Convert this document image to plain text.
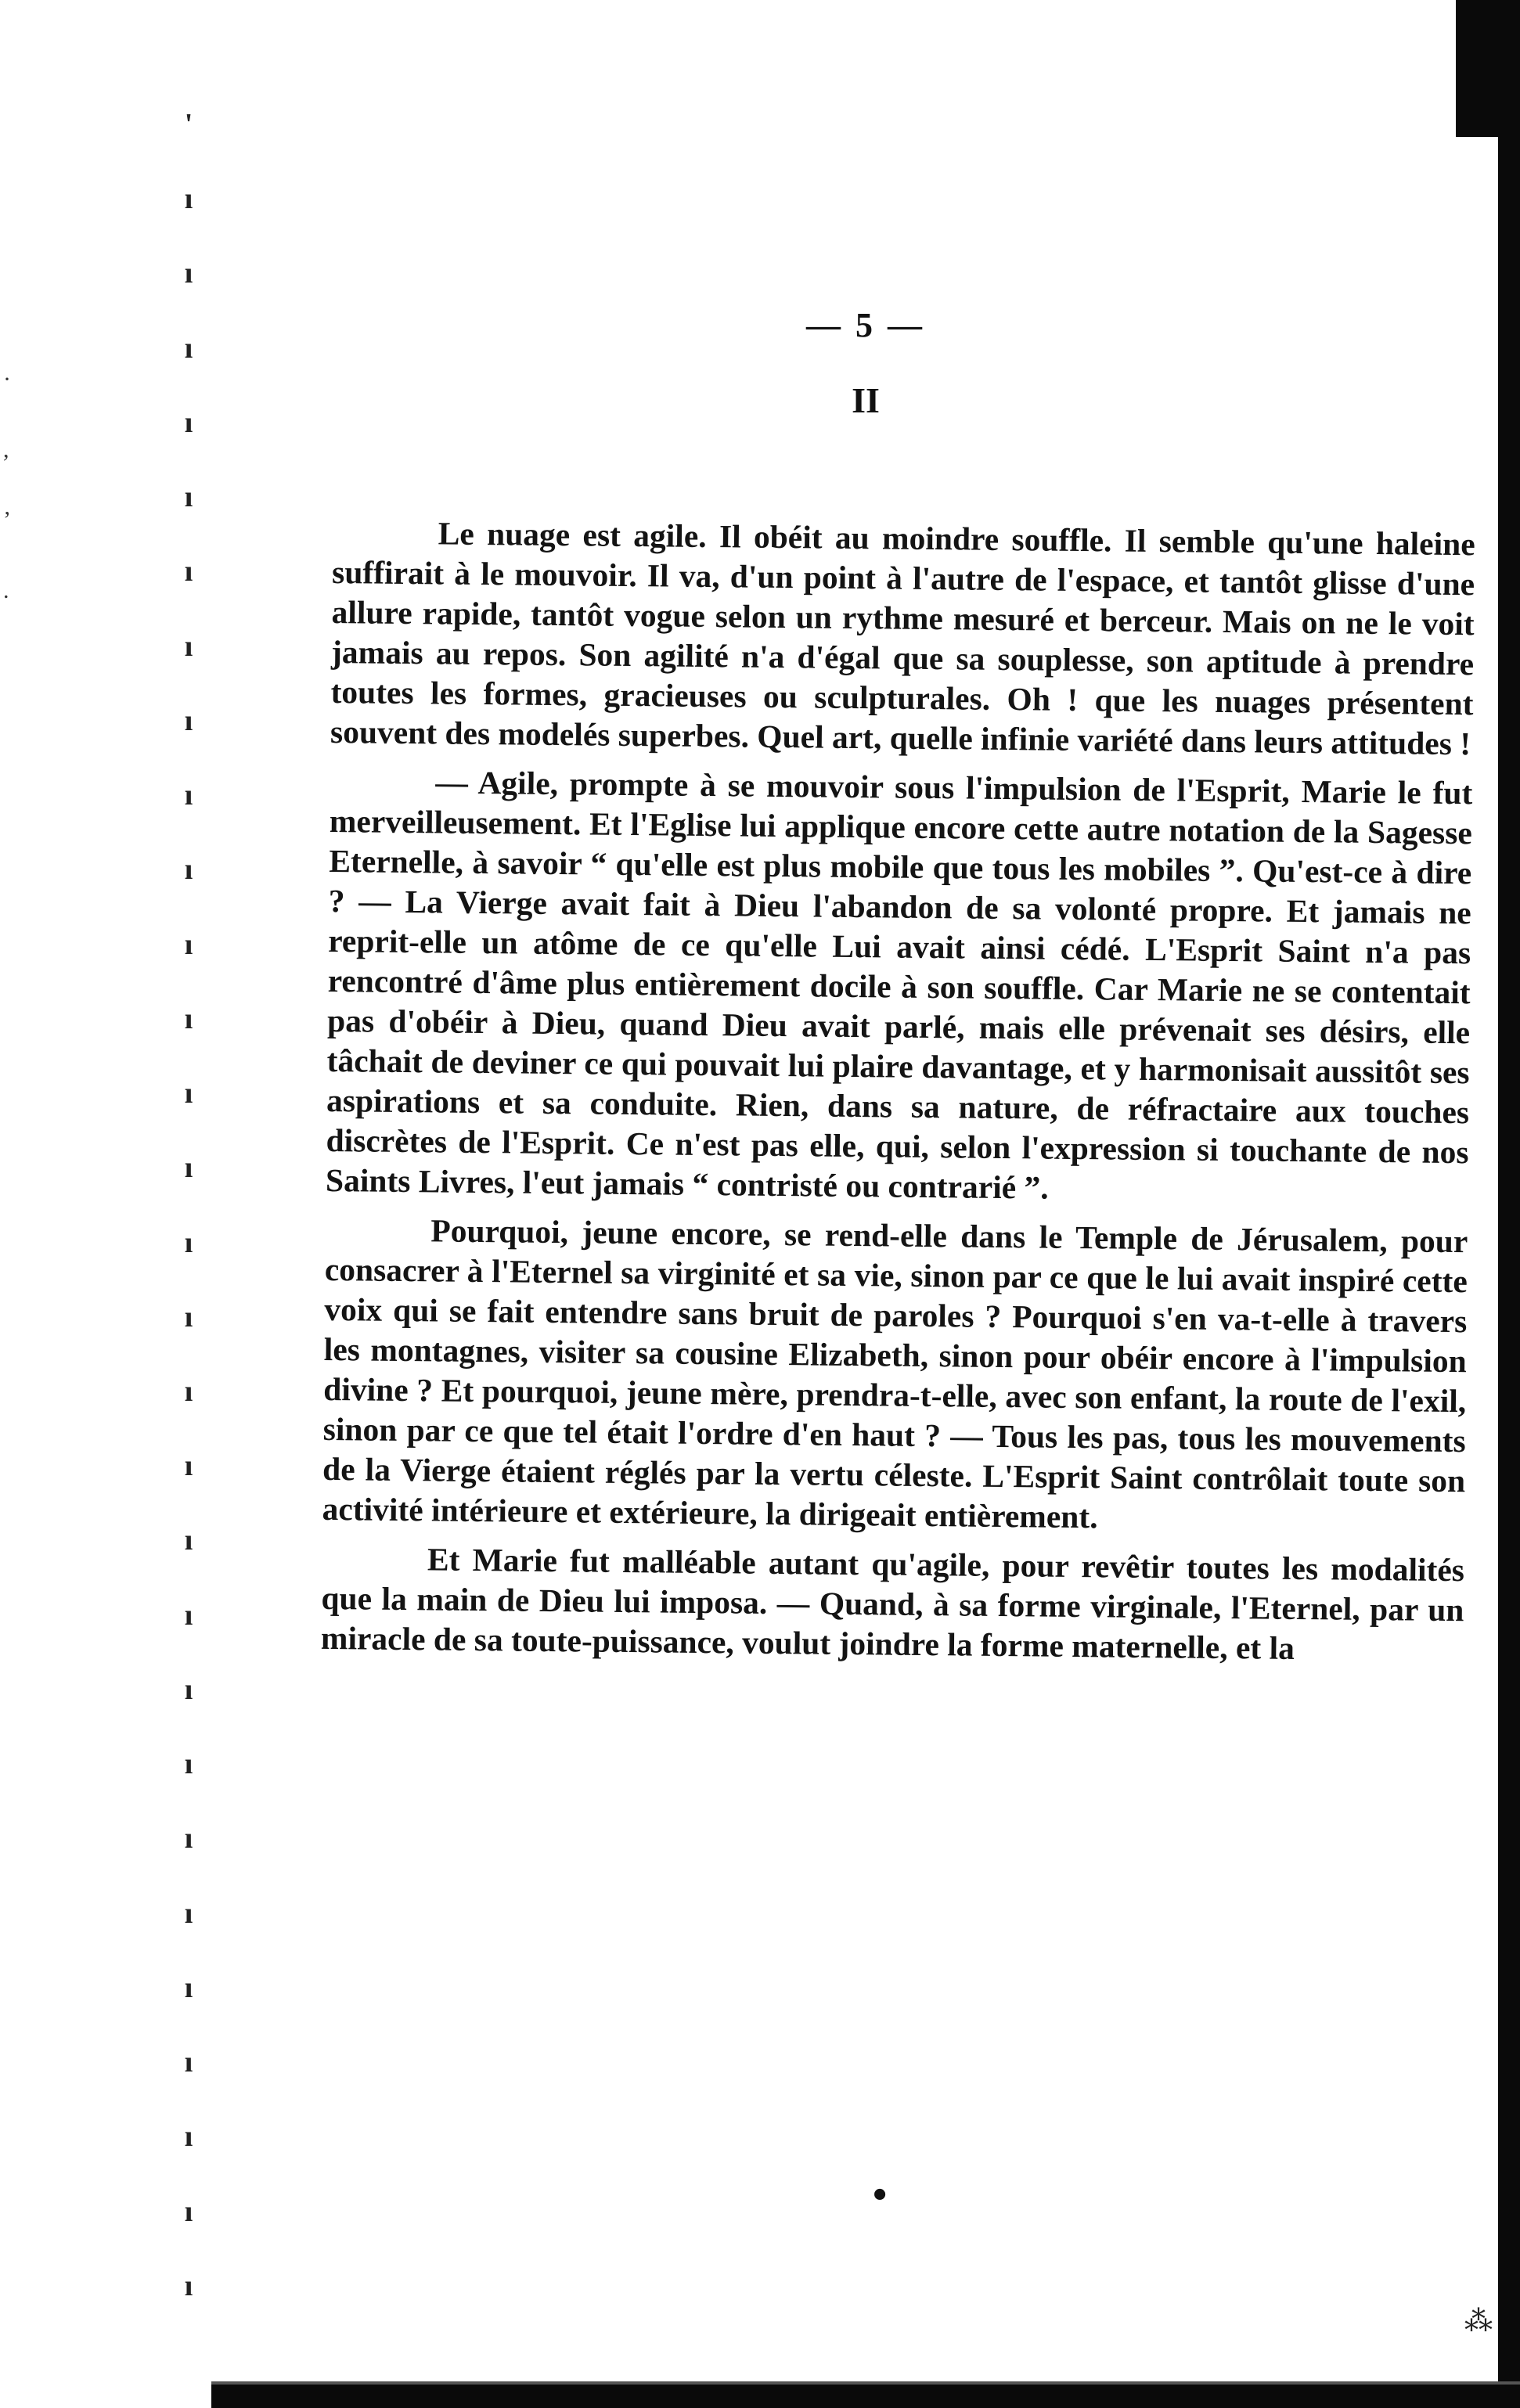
·
,
ʼ
.
'
ı
ı
ı
ı
ı
ı
ı
ı
ı
ı
ı
ı
ı
ı
ı
ı
ı
ı
ı
ı
ı
ı
ı
ı
ı
ı
ı
ı
ı
— 5 —
II

Le nuage est agile. Il obéit au moindre souffle. Il semble qu'une haleine suffirait à le mouvoir. Il va, d'un point à l'autre de l'espace, et tantôt glisse d'une allure rapide, tantôt vogue selon un rythme mesuré et berceur. Mais on ne le voit jamais au repos. Son agilité n'a d'égal que sa souplesse, son aptitude à prendre toutes les formes, gracieuses ou sculpturales. Oh ! que les nuages présentent souvent des modelés superbes. Quel art, quelle infinie variété dans leurs attitudes !

— Agile, prompte à se mouvoir sous l'impulsion de l'Esprit, Marie le fut merveilleusement. Et l'Eglise lui applique encore cette autre notation de la Sagesse Eternelle, à savoir “ qu'elle est plus mobile que tous les mobiles ”. Qu'est-ce à dire ? — La Vierge avait fait à Dieu l'abandon de sa volonté propre. Et jamais ne reprit-elle un atôme de ce qu'elle Lui avait ainsi cédé. L'Esprit Saint n'a pas rencontré d'âme plus entièrement docile à son souffle. Car Marie ne se contentait pas d'obéir à Dieu, quand Dieu avait parlé, mais elle prévenait ses désirs, elle tâchait de deviner ce qui pouvait lui plaire davantage, et y harmonisait aussitôt ses aspirations et sa conduite. Rien, dans sa nature, de réfractaire aux touches discrètes de l'Esprit. Ce n'est pas elle, qui, selon l'expression si touchante de nos Saints Livres, l'eut jamais “ contristé ou contrarié ”.

Pourquoi, jeune encore, se rend-elle dans le Temple de Jérusalem, pour consacrer à l'Eternel sa virginité et sa vie, sinon par ce que le lui avait inspiré cette voix qui se fait entendre sans bruit de paroles ? Pourquoi s'en va-t-elle à travers les montagnes, visiter sa cousine Elizabeth, sinon pour obéir encore à l'impulsion divine ? Et pourquoi, jeune mère, prendra-t-elle, avec son enfant, la route de l'exil, sinon par ce que tel était l'ordre d'en haut ? — Tous les pas, tous les mouvements de la Vierge étaient réglés par la vertu céleste. L'Esprit Saint contrôlait toute son activité intérieure et extérieure, la dirigeait entièrement.

Et Marie fut malléable autant qu'agile, pour revêtir toutes les modalités que la main de Dieu lui imposa. — Quand, à sa forme virginale, l'Eternel, par un miracle de sa toute-puissance, voulut joindre la forme maternelle, et la

•
⁂
